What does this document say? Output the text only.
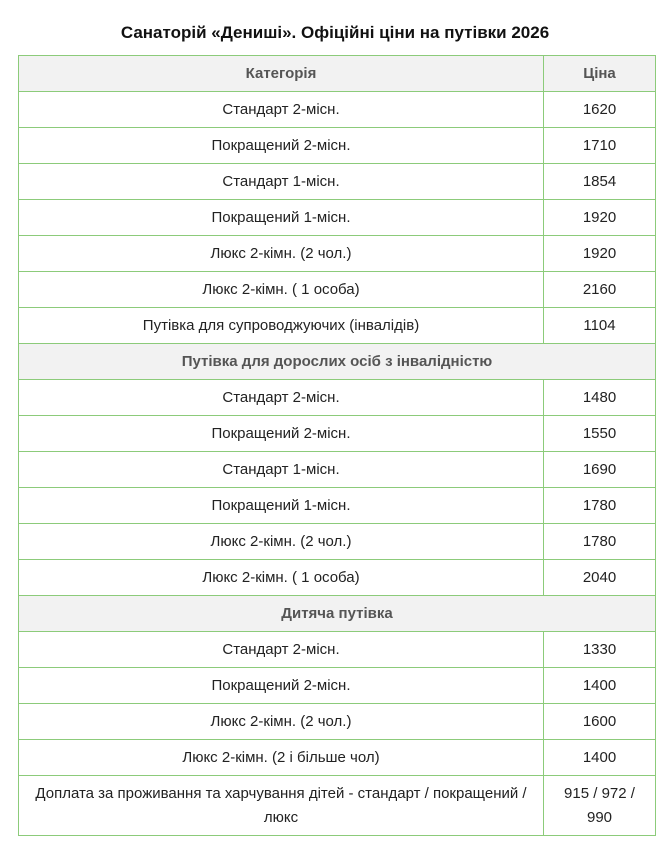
Санаторій «Дениші». Офіційні ціни на путівки 2026
Категорія	Ціна
Стандарт 2-місн.	1620
Покращений 2-місн.	1710
Стандарт 1-місн.	1854
Покращений 1-місн.	1920
Люкс 2-кімн. (2 чол.)	1920
Люкс 2-кімн. ( 1 особа)	2160
Путівка для супроводжуючих (інвалідів)	1104
Путівка для дорослих осіб з інвалідністю	
Стандарт 2-місн.	1480
Покращений 2-місн.	1550
Стандарт 1-місн.	1690
Покращений 1-місн.	1780
Люкс 2-кімн. (2 чол.)	1780
Люкс 2-кімн. ( 1 особа)	2040
Дитяча путівка	
Стандарт 2-місн.	1330
Покращений 2-місн.	1400
Люкс 2-кімн. (2 чол.)	1600
Люкс 2-кімн. (2 і більше чол)	1400
Доплата за проживання та харчування дітей - стандарт / покращений / люкс	915 / 972 / 990
